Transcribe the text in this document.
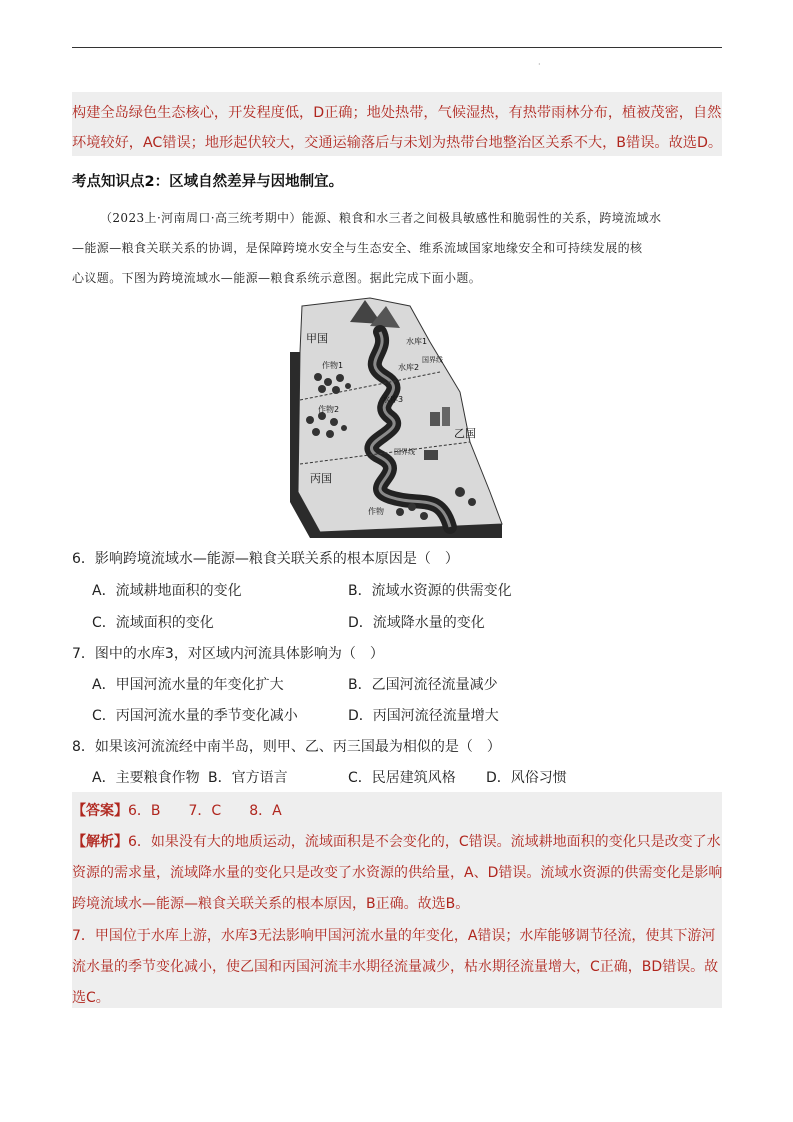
·
构建全岛绿色生态核心，开发程度低，D正确；地处热带，气候湿热，有热带雨林分布，植被茂密，自然
环境较好，AC错误；地形起伏较大，交通运输落后与未划为热带台地整治区关系不大，B错误。故选D。
考点知识点2：区域自然差异与因地制宜。
（2023上·河南周口·高三统考期中）能源、粮食和水三者之间极具敏感性和脆弱性的关系，跨境流域水
—能源—粮食关联关系的协调，是保障跨境水安全与生态安全、维系流域国家地缘安全和可持续发展的核
心议题。下图为跨境流域水—能源—粮食系统示意图。据此完成下面小题。
甲国
乙国
丙国
水库1
水库2
水库3
作物1
作物2
作物
国界线
国界线
6．影响跨境流域水—能源—粮食关联关系的根本原因是（　）
A．流域耕地面积的变化	B．流域水资源的供需变化
C．流域面积的变化	D．流域降水量的变化
7．图中的水库3，对区域内河流具体影响为（　）
A．甲国河流水量的年变化扩大	B．乙国河流径流量减少
C．丙国河流水量的季节变化减小	D．丙国河流径流量增大
8．如果该河流流经中南半岛，则甲、乙、丙三国最为相似的是（　）
A．主要粮食作物 B．官方语言	C．民居建筑风格 D．风俗习惯
【答案】6．B　　7．C　　8．A
【解析】6．如果没有大的地质运动，流域面积是不会变化的，C错误。流域耕地面积的变化只是改变了水
资源的需求量，流域降水量的变化只是改变了水资源的供给量，A、D错误。流域水资源的供需变化是影响
跨境流域水—能源—粮食关联关系的根本原因，B正确。故选B。
7．甲国位于水库上游，水库3无法影响甲国河流水量的年变化，A错误；水库能够调节径流，使其下游河
流水量的季节变化减小，使乙国和丙国河流丰水期径流量减少，枯水期径流量增大，C正确，BD错误。故
选C。
